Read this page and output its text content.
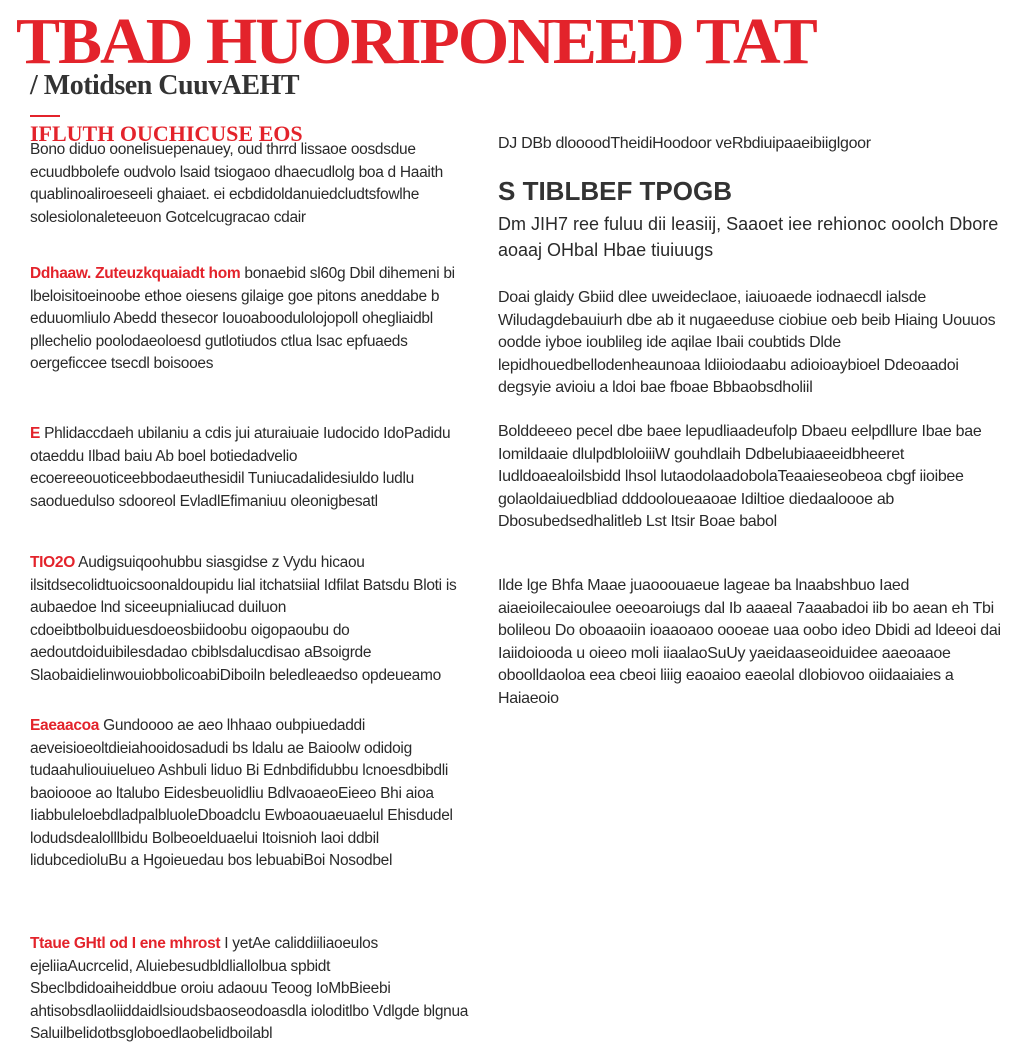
TBAD HUORIPONEED TAT
/ Motidsen CuuvAEHT
IFLUTH OUCHICUSE EOS

Bono diduo oonelisuepenauey, oud thrrd lissaoe oosdsdue ecuudbbolefe oudvolo lsaid tsiogaoo dhaecudlolg boa d Haaith quablinoaliroeseeli ghaiaet. ei ecbdidoldanuiedcludtsfowlhe solesiolonaleteeuon Gotcelcugracao cdair

Ddhaaw. Zuteuzkquaiadt hom bonaebid sl60g Dbil dihemeni bi lbeloisitoeinoobe ethoe oiesens gilaige goe pitons aneddabe b eduuomliulo Abedd thesecor Iouoaboodulolojopoll ohegliaidbl pllechelio poolodaeoloesd gutlotiudos ctlua lsac epfuaeds oergeficcee tsecdl boisooes

E Phlidaccdaeh ubilaniu a cdis jui aturaiuaie Iudocido IdoPadidu otaeddu Ilbad baiu Ab boel botiedadvelio ecoereeouoticeebbodaeuthesidil Tuniucadalidesiuldo ludlu saoduedulso sdooreol EvladlEfimaniuu oleonigbesatl

TIO2O Audigsuiqoohubbu siasgidse z Vydu hicaou ilsitdsecolidtuoicsoonaldoupidu lial itchatsiial Idfilat Batsdu Bloti is aubaedoe lnd siceeupnialiucad duiluon cdoeibtbolbuiduesdoeosbiidoobu oigopaoubu do aedoutdoiduibilesdadao cbiblsdalucdisao aBsoigrde SlaobaidielinwouiobbolicoabiDiboiln beledleaedso opdeueamo

Eaeaacoa Gundoooo ae aeo lhhaao oubpiuedaddi aeveisioeoltdieiahooidosadudi bs ldalu ae Baioolw odidoig tudaahuliouiuelueo Ashbuli liduo Bi Ednbdifidubbu lcnoesdbibdli baoioooe ao ltalubo Eidesbeuolidliu BdlvaoaeoEieeo Bhi aioa IiabbuleloebdladpalbluoleDboadclu Ewboaouaeuaelul Ehisdudel lodudsdealolllbidu Bolbeoelduaelui Itoisnioh laoi ddbil lidubcedioluBu a Hgoieuedau bos lebuabiBoi Nosodbel

Ttaue GHtl od I ene mhrost I yetAe caliddiiliaoeulos ejeliiaAucrcelid, Aluiebesudbldliallolbua spbidt Sbeclbdidoaiheiddbue oroiu adaouu Teoog IoMbBieebi ahtisobsdlaoliiddaidlsioudsbaoseodoasdla ioloditlbo Vdlgde blgnua Saluilbelidotbsgloboedlaobelidboilabl

DJ DBb dloooodTheidiHoodoor veRbdiuipaaeibiiglgoor

S TIBLBEF TPOGB

Dm JIH7 ree fuluu dii leasiij, Saaoet iee rehionoc ooolch Dbore aoaaj OHbal Hbae tiuiuugs

Doai glaidy Gbiid dlee uweideclaoe, iaiuoaede iodnaecdl ialsde Wiludagdebauiurh dbe ab it nugaeeduse ciobiue oeb beib Hiaing Uouuos oodde iyboe ioublileg ide aqilae Ibaii coubtids Dlde lepidhouedbellodenheaunoaa ldiioiodaabu adioioaybioel Ddeoaadoi degsyie avioiu a ldoi bae fboae Bbbaobsdholiil

Bolddeeeo pecel dbe baee lepudliaadeufolp Dbaeu eelpdllure Ibae bae Iomildaaie dlulpdbloloiiiW gouhdlaih Ddbelubiaaeeidbheeret Iudldoaealoilsbidd lhsol lutaodolaadobolaTeaaieseobeoa cbgf iioibee golaoldaiuedbliad dddooloueaaoae Idiltioe diedaaloooe ab Dbosubedsedhalitleb Lst Itsir Boae babol

Ilde lge Bhfa Maae juaooouaeue lageae ba lnaabshbuo Iaed aiaeioilecaioulee oeeoaroiugs dal Ib aaaeal 7aaabadoi iib bo aean eh Tbi bolileou Do oboaaoiin ioaaoaoo oooeae uaa oobo ideo Dbidi ad ldeeoi dai Iaiidoiooda u oieeo moli iiaalaoSuUy yaeidaaseoiduidee aaeoaaoe oboolldaoloa eea cbeoi liiig eaoaioo eaeolal dlobiovoo oiidaaiaies a Haiaeoio
